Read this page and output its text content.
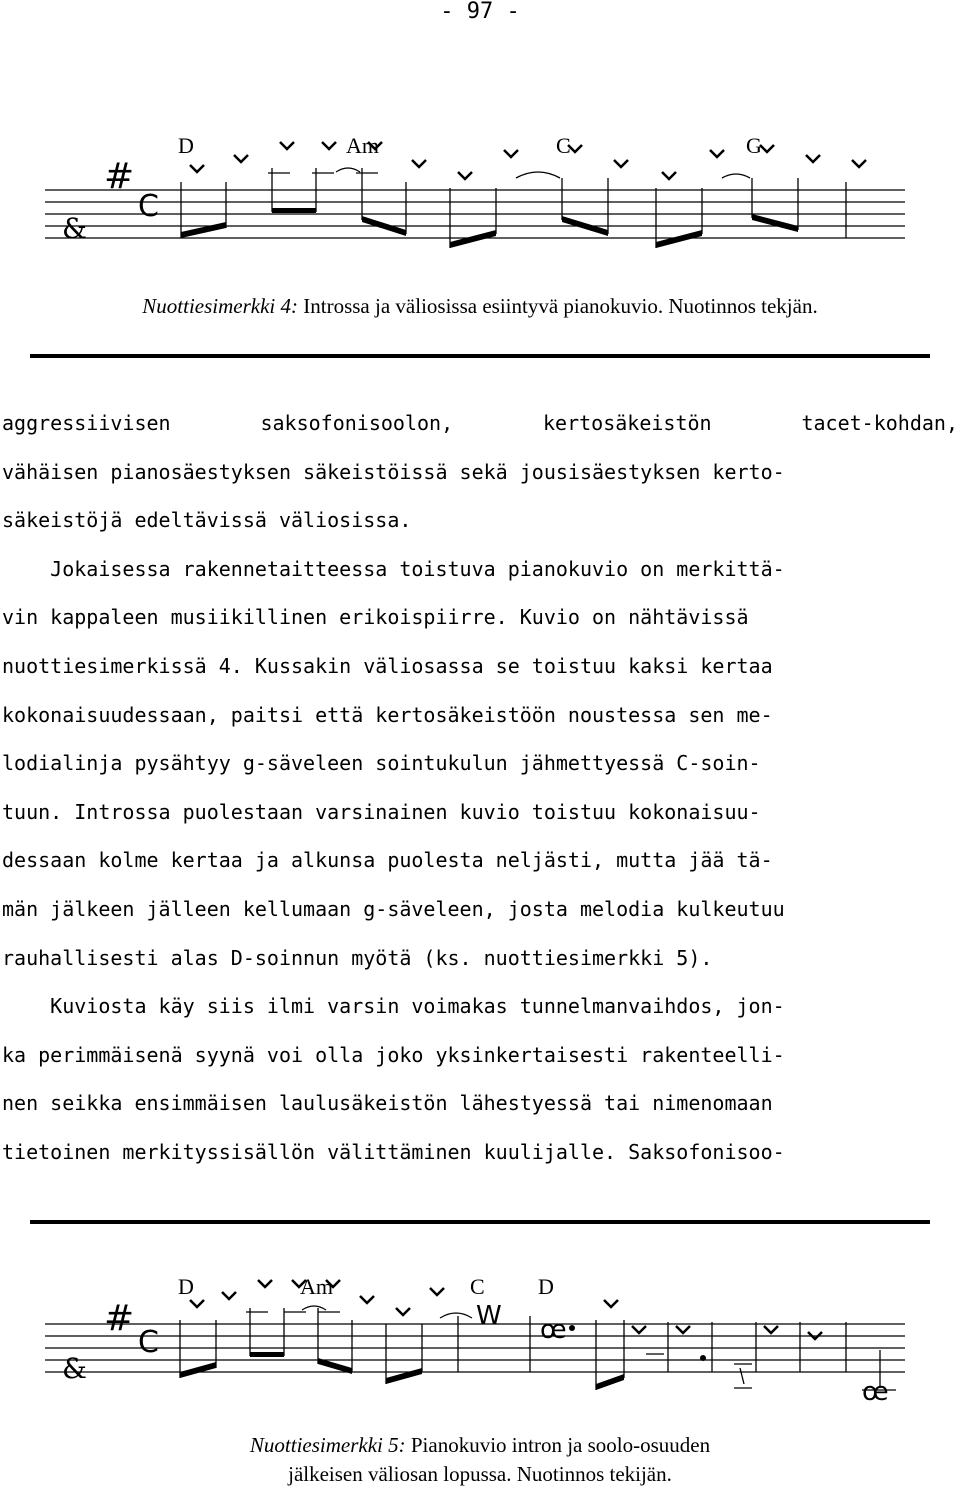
- 97 -
&
#
C
D	Am	C	G
Nuottiesimerkki 4: Introssa ja väliosissa esiintyvä pianokuvio. Nuotinnos tekjän.
aggressiivisen saksofonisoolon, kertosäkeistön tacet-kohdan,
vähäisen pianosäestyksen säkeistöissä sekä jousisäestyksen kerto-
säkeistöjä edeltävissä väliosissa.
Jokaisessa rakennetaitteessa toistuva pianokuvio on merkittä-
vin kappaleen musiikillinen erikoispiirre. Kuvio on nähtävissä
nuottiesimerkissä 4. Kussakin väliosassa se toistuu kaksi kertaa
kokonaisuudessaan, paitsi että kertosäkeistöön noustessa sen me-
lodialinja pysähtyy g-säveleen sointukulun jähmettyessä C-soin-
tuun. Introssa puolestaan varsinainen kuvio toistuu kokonaisuu-
dessaan kolme kertaa ja alkunsa puolesta neljästi, mutta jää tä-
män jälkeen jälleen kellumaan g-säveleen, josta melodia kulkeutuu
rauhallisesti alas D-soinnun myötä (ks. nuottiesimerkki 5).
Kuviosta käy siis ilmi varsin voimakas tunnelmanvaihdos, jon-
ka perimmäisenä syynä voi olla joko yksinkertaisesti rakenteelli-
nen seikka ensimmäisen laulusäkeistön lähestyessä tai nimenomaan
tietoinen merkityssisällön välittäminen kuulijalle. Saksofonisoo-
&
#
C
D	Am	C D
W œ
œ
Nuottiesimerkki 5: Pianokuvio intron ja soolo-osuuden
jälkeisen väliosan lopussa. Nuotinnos tekijän.
